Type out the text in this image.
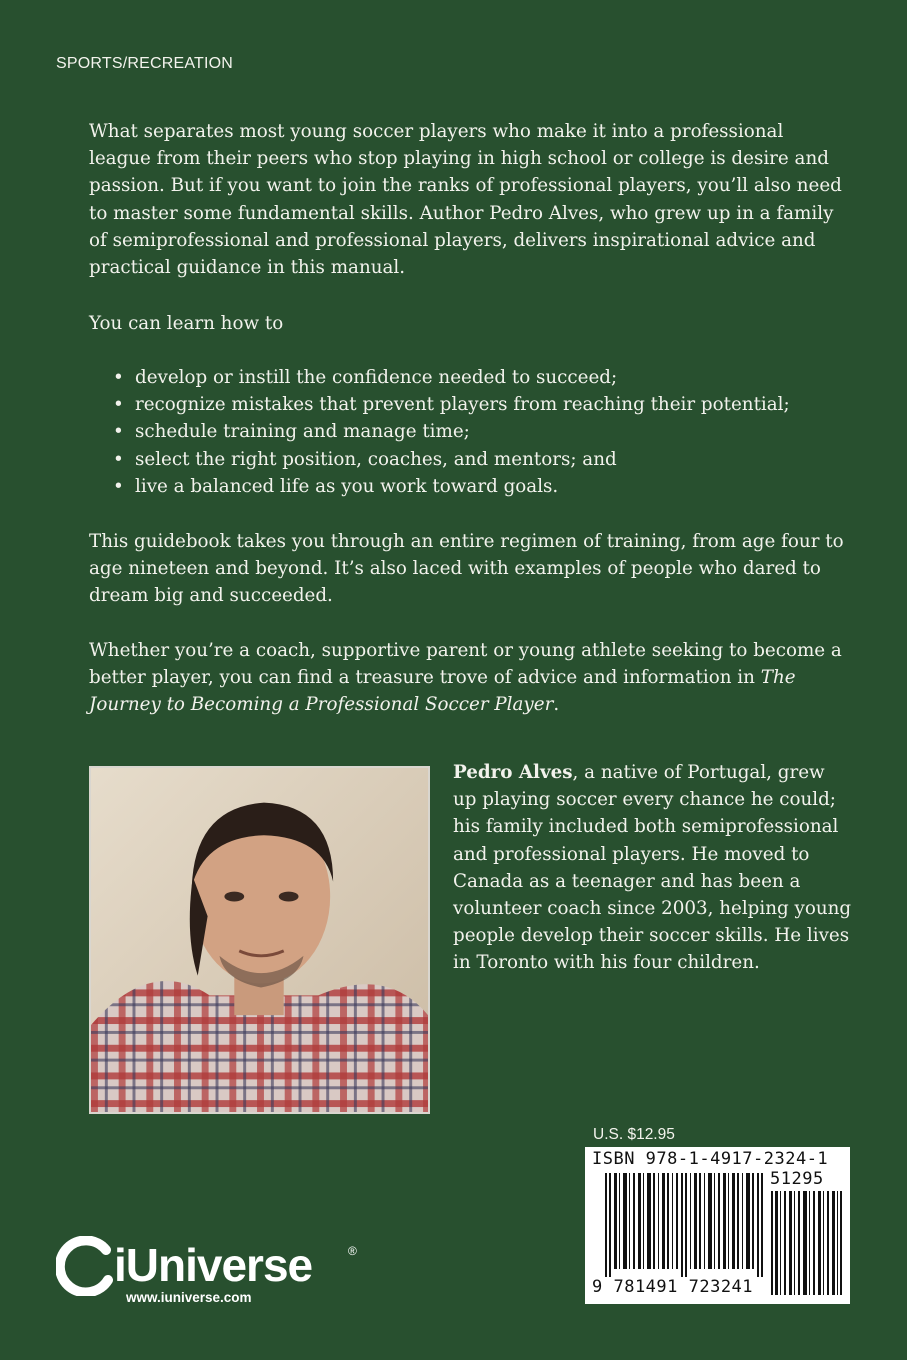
SPORTS/RECREATION

What separates most young soccer players who make it into a professional league from their peers who stop playing in high school or college is desire and passion. But if you want to join the ranks of professional players, you’ll also need to master some fundamental skills. Author Pedro Alves, who grew up in a family of semiprofessional and professional players, delivers inspirational advice and practical guidance in this manual.

You can learn how to

• develop or instill the confidence needed to succeed;
• recognize mistakes that prevent players from reaching their potential;
• schedule training and manage time;
• select the right position, coaches, and mentors; and
• live a balanced life as you work toward goals.

This guidebook takes you through an entire regimen of training, from age four to age nineteen and beyond. It’s also laced with examples of people who dared to dream big and succeeded.

Whether you’re a coach, supportive parent or young athlete seeking to become a better player, you can find a treasure trove of advice and information in The Journey to Becoming a Professional Soccer Player.

Pedro Alves, a native of Portugal, grew up playing soccer every chance he could; his family included both semiprofessional and professional players. He moved to Canada as a teenager and has been a volunteer coach since 2003, helping young people develop their soccer skills. He lives in Toronto with his four children.

U.S. $12.95
ISBN 978-1-4917-2324-1
51295
9 781491 723241
iUniverse	®
www.iuniverse.com
